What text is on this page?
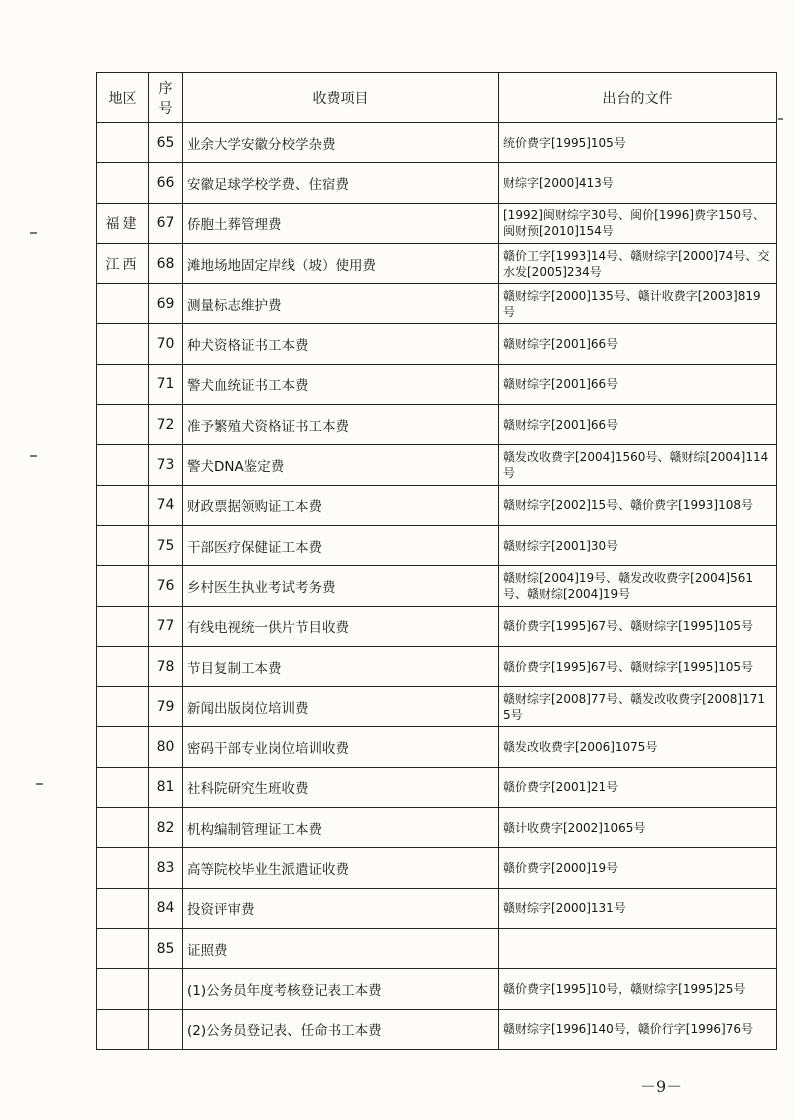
地区	序号	收费项目	出台的文件
	65	业余大学安徽分校学杂费	统价费字[1995]105号
	66	安徽足球学校学费、住宿费	财综字[2000]413号
福建	67	侨胞土葬管理费	[1992]闽财综字30号、闽价[1996]费字150号、闽财预[2010]154号
江西	68	滩地场地固定岸线（坡）使用费	赣价工字[1993]14号、赣财综字[2000]74号、交水发[2005]234号
	69	测量标志维护费	赣财综字[2000]135号、赣计收费字[2003]819号
	70	种犬资格证书工本费	赣财综字[2001]66号
	71	警犬血统证书工本费	赣财综字[2001]66号
	72	准予繁殖犬资格证书工本费	赣财综字[2001]66号
	73	警犬DNA鉴定费	赣发改收费字[2004]1560号、赣财综[2004]114号
	74	财政票据领购证工本费	赣财综字[2002]15号、赣价费字[1993]108号
	75	干部医疗保健证工本费	赣财综字[2001]30号
	76	乡村医生执业考试考务费	赣财综[2004]19号、赣发改收费字[2004]561号、赣财综[2004]19号
	77	有线电视统一供片节目收费	赣价费字[1995]67号、赣财综字[1995]105号
	78	节目复制工本费	赣价费字[1995]67号、赣财综字[1995]105号
	79	新闻出版岗位培训费	赣财综字[2008]77号、赣发改收费字[2008]1715号
	80	密码干部专业岗位培训收费	赣发改收费字[2006]1075号
	81	社科院研究生班收费	赣价费字[2001]21号
	82	机构编制管理证工本费	赣计收费字[2002]1065号
	83	高等院校毕业生派遣证收费	赣价费字[2000]19号
	84	投资评审费	赣财综字[2000]131号
	85	证照费	
		(1)公务员年度考核登记表工本费	赣价费字[1995]10号，赣财综字[1995]25号
		(2)公务员登记表、任命书工本费	赣财综字[1996]140号，赣价行字[1996]76号
－9－
